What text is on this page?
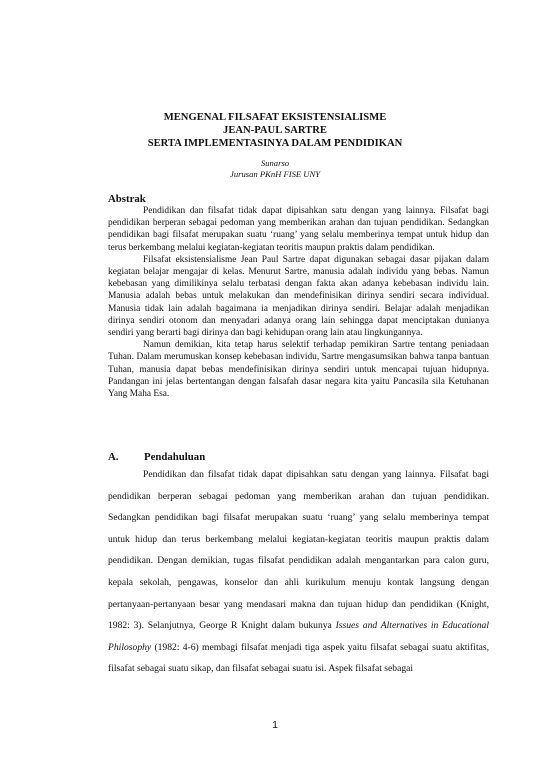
MENGENAL FILSAFAT EKSISTENSIALISME
JEAN-PAUL SARTRE
SERTA IMPLEMENTASINYA DALAM PENDIDIKAN
Sunarso
Jurusan PKnH FISE UNY
Abstrak

Pendidikan dan filsafat tidak dapat dipisahkan satu dengan yang lainnya. Filsafat bagi pendidikan berperan sebagai pedoman yang memberikan arahan dan tujuan pendidikan. Sedangkan pendidikan bagi filsafat merupakan suatu ‘ruang’ yang selalu memberinya tempat untuk hidup dan terus berkembang melalui kegiatan-kegiatan teoritis maupun praktis dalam pendidikan.

Filsafat eksistensialisme Jean Paul Sartre dapat digunakan sebagai dasar pijakan dalam kegiatan belajar mengajar di kelas. Menurut Sartre, manusia adalah individu yang bebas. Namun kebebasan yang dimilikinya selalu terbatasi dengan fakta akan adanya kebebasan individu lain. Manusia adalah bebas untuk melakukan dan mendefinisikan dirinya sendiri secara individual. Manusia tidak lain adalah bagaimana ia menjadikan dirinya sendiri. Belajar adalah menjadikan dirinya sendiri otonom dan menyadari adanya orang lain sehingga dapat menciptakan dunianya sendiri yang berarti bagi dirinya dan bagi kehidupan orang lain atau lingkungannya.

Namun demikian, kita tetap harus selektif terhadap pemikiran Sartre tentang peniadaan Tuhan. Dalam merumuskan konsep kebebasan individu, Sartre mengasumsikan bahwa tanpa bantuan Tuhan, manusia dapat bebas mendefinisikan dirinya sendiri untuk mencapai tujuan hidupnya. Pandangan ini jelas bertentangan dengan falsafah dasar negara kita yaitu Pancasila sila Ketuhanan Yang Maha Esa.

A. Pendahuluan

Pendidikan dan filsafat tidak dapat dipisahkan satu dengan yang lainnya. Filsafat bagi pendidikan berperan sebagai pedoman yang memberikan arahan dan tujuan pendidikan. Sedangkan pendidikan bagi filsafat merupakan suatu ‘ruang’ yang selalu memberinya tempat untuk hidup dan terus berkembang melalui kegiatan-kegiatan teoritis maupun praktis dalam pendidikan. Dengan demikian, tugas filsafat pendidikan adalah mengantarkan para calon guru, kepala sekolah, pengawas, konselor dan ahli kurikulum menuju kontak langsung dengan pertanyaan-pertanyaan besar yang mendasari makna dan tujuan hidup dan pendidikan (Knight, 1982: 3). Selanjutnya, George R Knight dalam bukunya Issues and Alternatives in Educational Philosophy (1982: 4-6) membagi filsafat menjadi tiga aspek yaitu filsafat sebagai suatu aktifitas, filsafat sebagai suatu sikap, dan filsafat sebagai suatu isi. Aspek filsafat sebagai

1
